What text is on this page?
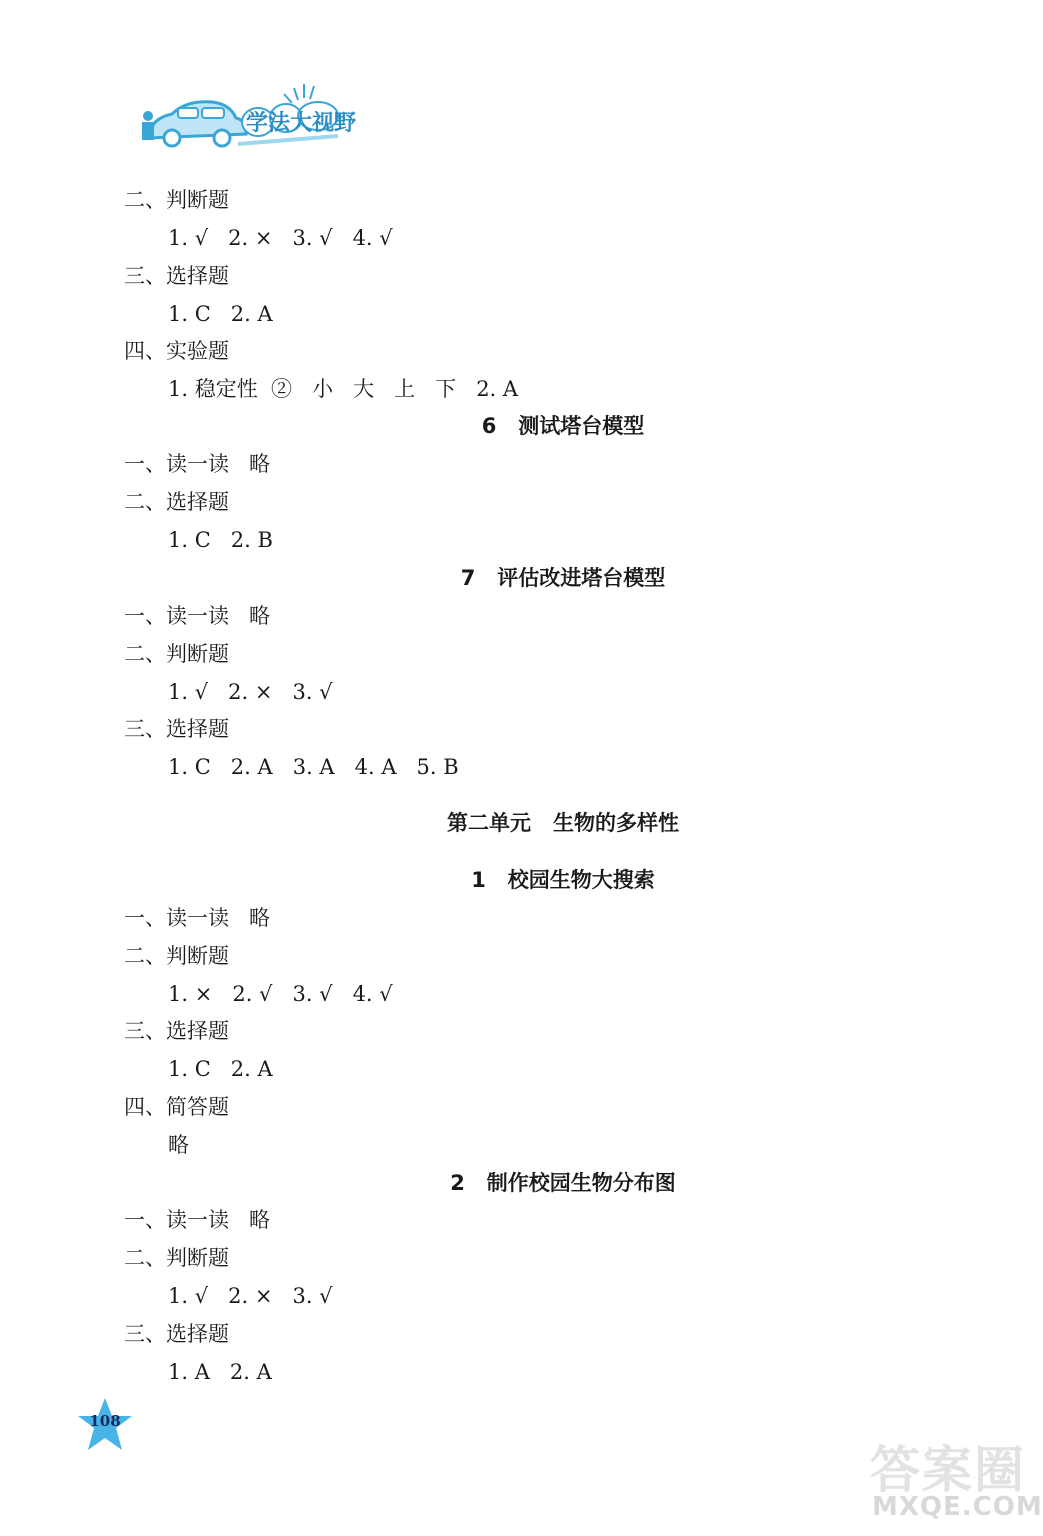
学法大视野
二、判断题
1. √   2. ×   3. √   4. √
三、选择题
1. C   2. A
四、实验题
1. 稳定性  ②   小   大   上   下   2. A
6   测试塔台模型
一、读一读   略
二、选择题
1. C   2. B
7   评估改进塔台模型
一、读一读   略
二、判断题
1. √   2. ×   3. √
三、选择题
1. C   2. A   3. A   4. A   5. B
第二单元   生物的多样性
1   校园生物大搜索
一、读一读   略
二、判断题
1. ×   2. √   3. √   4. √
三、选择题
1. C   2. A
四、简答题
略
2   制作校园生物分布图
一、读一读   略
二、判断题
1. √   2. ×   3. √
三、选择题
1. A   2. A
108
答案圈
MXQE.COM
